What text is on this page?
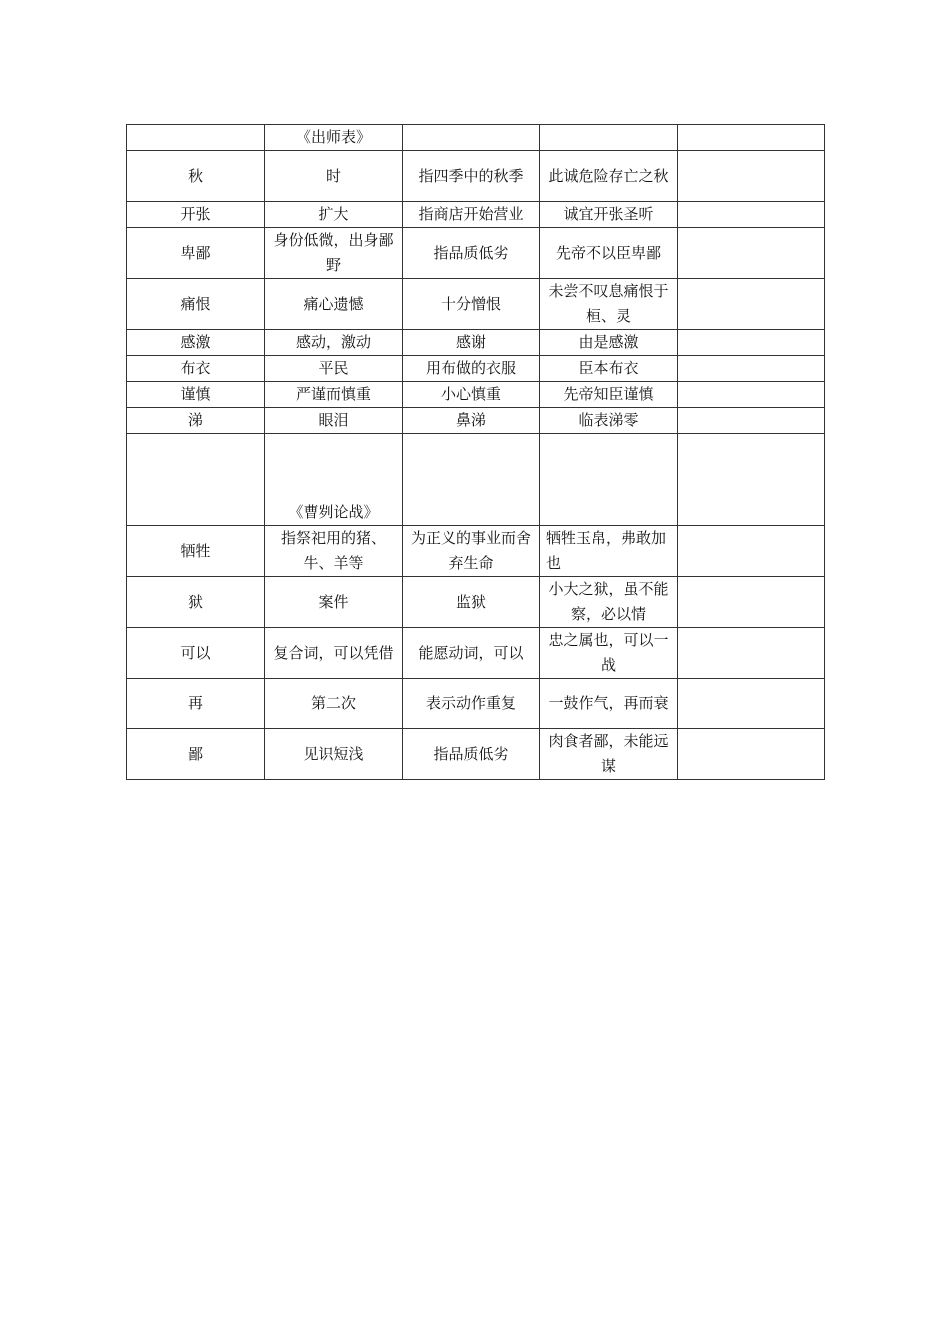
	《出师表》			
秋	时	指四季中的秋季	此诚危险存亡之秋	
开张	扩大	指商店开始营业	诚宜开张圣听	
卑鄙	身份低微，出身鄙野	指品质低劣	先帝不以臣卑鄙	
痛恨	痛心遗憾	十分憎恨	未尝不叹息痛恨于桓、灵	
感激	感动，激动	感谢	由是感激	
布衣	平民	用布做的衣服	臣本布衣	
谨慎	严谨而慎重	小心慎重	先帝知臣谨慎	
涕	眼泪	鼻涕	临表涕零	
	《曹刿论战》			
牺牲	指祭祀用的猪、牛、羊等	为正义的事业而舍弃生命	牺牲玉帛，弗敢加也	
狱	案件	监狱	小大之狱，虽不能察，必以情	
可以	复合词，可以凭借	能愿动词，可以	忠之属也，可以一战	
再	第二次	表示动作重复	一鼓作气，再而衰	
鄙	见识短浅	指品质低劣	肉食者鄙，未能远谋	
